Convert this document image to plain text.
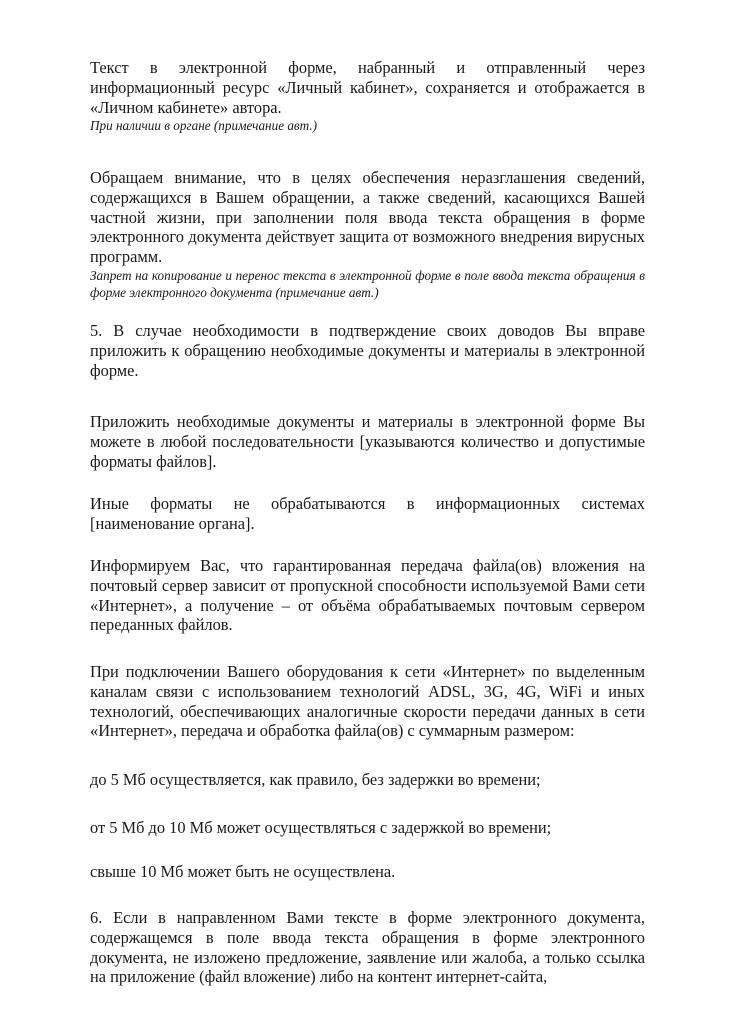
Текст в электронной форме, набранный и отправленный через информационный ресурс «Личный кабинет», сохраняется и отображается в «Личном кабинете» автора.
При наличии в органе (примечание авт.)
Обращаем внимание, что в целях обеспечения неразглашения сведений, содержащихся в Вашем обращении, а также сведений, касающихся Вашей частной жизни, при заполнении поля ввода текста обращения в форме электронного документа действует защита от возможного внедрения вирусных программ.
Запрет на копирование и перенос текста в электронной форме в поле ввода текста обращения в форме электронного документа (примечание авт.)
5. В случае необходимости в подтверждение своих доводов Вы вправе приложить к обращению необходимые документы и материалы в электронной форме.
Приложить необходимые документы и материалы в электронной форме Вы можете в любой последовательности [указываются количество и допустимые форматы файлов].
Иные форматы не обрабатываются в информационных системах [наименование органа].
Информируем Вас, что гарантированная передача файла(ов) вложения на почтовый сервер зависит от пропускной способности используемой Вами сети «Интернет», а получение – от объёма обрабатываемых почтовым сервером переданных файлов.
При подключении Вашего оборудования к сети «Интернет» по выделенным каналам связи с использованием технологий ADSL, 3G, 4G, WiFi и иных технологий, обеспечивающих аналогичные скорости передачи данных в сети «Интернет», передача и обработка файла(ов) с суммарным размером:
до 5 Мб осуществляется, как правило, без задержки во времени;
от 5 Мб до 10 Мб может осуществляться с задержкой во времени;
свыше 10 Мб может быть не осуществлена.
6. Если в направленном Вами тексте в форме электронного документа, содержащемся в поле ввода текста обращения в форме электронного документа, не изложено предложение, заявление или жалоба, а только ссылка на приложение (файл вложение) либо на контент интернет-сайта,
